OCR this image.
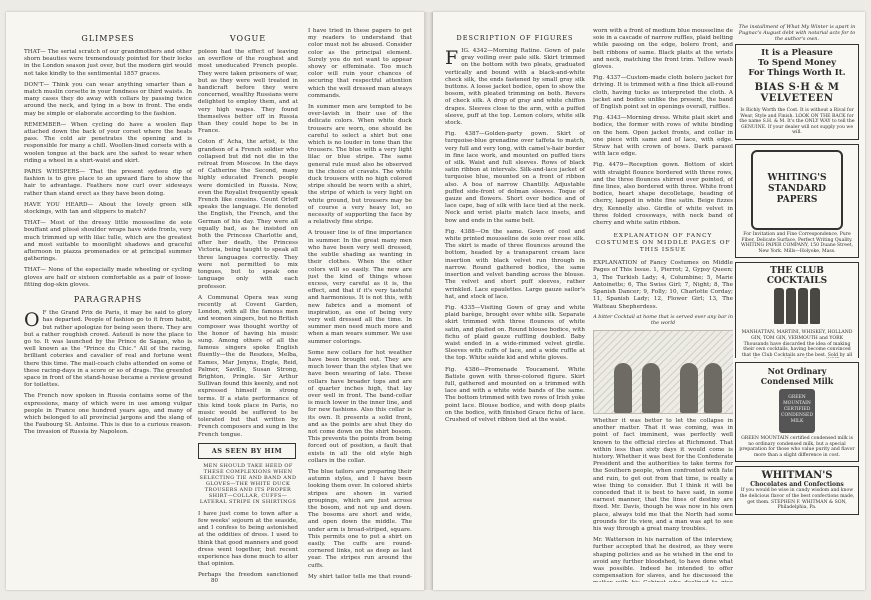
GLIMPSES

THAT— The serial scratch of our grandmothers and other shorn beauties were tremendously pointed for their locks in the London season just over, but the modern girl would not take kindly to the sentimental 1857 graces.

DON'T— Think you can wear anything smarter than a match muslin corsette in your fondness or third waists. In many cases they do away with collars by passing twice around the neck, and tying in a bow in front. The ends may be simple or elaborate according to the fashion.

REMEMBER— When cycling do have a woolen flap attached down the back of your corset where the heats pass. The cold air penetrates the opening and is responsible for many a chill. Woollen-lined corsets with a woolen tongue at the back are the safest to wear when riding a wheel in a shirt-waist and skirt.

PARIS WHISPERS— That the present sydeeu dip of fashion is to give place to an upward flare to show the hair to advantage. Feathers now curl over sideways rather than stand erect as they have been doing.

HAVE YOU HEARD— About the lovely green silk stockings, with tan and slippers to match?

THAT— Most of the dressy little mousseline de soie bouffant and plissé shoulder wraps have wide fronts, very much trimmed up with lilac tulle, which are the greatest and most suitable to moonlight shadows and graceful afternoon in piazza promenades or at principal summer gatherings.

THAT— None of the especially made wheeling or cycling gloves are half or sixteen comfortable as a pair of loose-fitting dog-skin gloves.

PARAGRAPHS

O F the Grand Prix de Paris, it may be said to glory has departed. People of fashion go to it from habit, but rather apologize for being seen there. They are but a rather roughish crowd. Auteuil is now the place to go to. It was launched by the Prince de Sagan, who is well known as the "Prince du Chic." All of the racing, brilliant coteries and cavalier of real and fortune went there this time. The mail-coach clubs attended on some of these racing-days in a score or so of drags. The greenfed space in front of the stand-house became a review ground for toilettes.

The French now spoken in Russia contains some of the expressions, many of which were in use among vulgar people in France one hundred years ago, and many of which belonged to all provincial jargons and the slang of the Faubourg St. Antoine. This is due to a curious reason. The invasion of Russia by Napoleon.

VOGUE

poleon had the effect of leaving an overflow of the roughest and most uneducated French people. They were taken prisoners of war, but as they were well treated in handicraft before they were concerned, wealthy Russians were delighted to employ them, and at very high wages. They found themselves better off in Russia than they could hope to be in France.

Coton d' Acha, the artist, is the grandson of a French soldier who collapsed but did not die in the retreat from Moscow. In the days of Catherine the Second, many highly educated French people were domiciled in Russia. Now, even the Royalist frequently speak French like cousins. Count Orloff speaks the language. He denoted the English, the French, and the German of his day. They were all equally bad, as he insisted on both the Princess Charlotte and, after her death, the Princess Victoria, being taught to speak all three languages correctly. They were not permitted to mix tongues, but to speak one language only with each professor.

A Communal Opera was sung recently at Covent Garden, London, with all the famous men and women singers, but no British composer was thought worthy of the honor of having his music sung. Among others of all the famous singers spoke English fluently—the de Reszkes, Melba, Eames, Mar Jenyns, Engle, Reid, Palmer, Saville, Susan Strong, Brighton, Pringle. Sir Arthur Sullivan found this keenly, and not expressed himself in strong terms. If a state performance of this kind took place in Paris, no music would be suffered to be tolerated but that written by French composers and sung in the French tongue.

AS SEEN BY HIM
MEN SHOULD TAKE HEED OF THESE COMPLEXIONS WHEN SELECTING TIE AND BAND AND GLOVES—THE WHITE DUCK TROUSERS AND ITS PROPER SHIRT—COLLAR, CUFFS—LATERAL STRIPE IN SHIRTINGS

I have just come to town after a few weeks' sojourn at the seaside, and I confess to being astonished at the oddities of dress. I used to think that good manners and good dress went together, but recent experience has done much to alter that opinion.

Perhaps the freedom sanctioned

I have tried in these papers to get my readers to understand that color must not be abused. Consider color as the principal element. Surely you do not want to appear showy or effeminate. Too much color will ruin your chances of securing that respectful attention which the well dressed man always commands.

In summer men are tempted to be over-lavish in their use of the delicate colors. When white duck trousers are worn, one should be careful to select a shirt but one which is no louder in tone than the trousers. The blue with a very light lilac or blue stripe. The same general rule must also be observed in the choice of cravats. The white duck trousers with no high colored stripe should be worn with a shirt, the stripe of which is very light on white ground, but trousers may be of course a very heavy lot, so necessity of supporting the face by a relatively fine stripe.

A trouser line is of fine importance in summer. In the great many men who have been very well dressed, the subtle shading as wanting in their clothes. When the other colors will so easily. The new are just the kind of things whose excess, very careful as it is, the effect, and that if it's very tasteful and harmonious. It is not this, with new fabrics and a moment of inspiration, as one of being very very well dressed all the time. In summer men need much more and when a man wears summer. We use summer colorings.

Some new collars for hot weather have been brought out. They are much lower than the styles that we have been wearing of late. These collars have broader tops and are of quarter inches high, that lay over well in front. The band-collar is much lower in the inner line, and for new fashions. Also this collar is its own. It presents a solid front, and as the points are shut they do not come down on the shirt bosom. This prevents the points from being forced out of position, a fault that exists in all the old style high collars in the collar.

The blue tailors are preparing their autumn styles, and I have been looking them over. In colored shirts stripes are shown in varied groupings, which are just across the bosom, and not up and down. The bosoms are short and wide, and open down the middle. The under arm is broad-striped, square. This permits one to put a shirt on easily. The cuffs are round-cornered links, not as deep as last year. The stripes run around the cuffs.

My shirt tailor tells me that round-

80
DESCRIPTION OF FIGURES

FIG. 4342—Morning Ratine. Gown of pale gray voiling over pale silk. Skirt trimmed on the bottom with two pleats, graduated vertically and bound with a black-and-white check silk, the ends fastened by small gray silk buttons. A loose jacket bodice, open to show the bosom, with pleated trimming on both. Revers of check silk. A drop of gray and white chiffon drapes. Sleeves close to the arm, with a puffed sleeve, puff at the top. Lemon colors, white silk stock.

Fig. 4387—Golden-party gown. Skirt of turquoise-blue grenadine over taffeta to match, very full and very long, with camel's-hair border in fine lace work, and mounted on puffed tiers of silk. Waist and full sleeves. Rows of black satin ribbon at intervals. Silk-and-lace jacket of turquoise blue, mounted on a front of ribbon also. A boa of narrow Chantilly. Adjustable puffed side-front of dolman sleeves. Toque of gauze and flowers. Short over bodice and of lace cape, bag of silk with lace tied at the neck. Neck and wrist plaits match lace insets, and bow and ends in the same belt.

Fig. 4388—On the same. Gown of cool and white printed mousseline de soie over rose silk. The skirt is made of three flounces around the bottom, headed by a transparent cream lace insertion with black velvet run through in narrow. Round gathered bodice, the same insertion and velvet banding across the blouse. The velvet and short puff sleeves, rather wrinkled. Lace epaulettes. Large gauze sailor's hat, and stock of lace.

Fig. 4335—Visiting Gown of gray and white plaid barège, brought over white silk. Separate skirt trimmed with three flounces of white satin, and plaited on. Round blouse bodice, with fichu of plaid gauze ruffling doubled. Baby waist ended in a wide-rimmed velvet girdle. Sleeves with cuffs of lace, and a wide ruffle at the top. White suède kid and white gloves.

Fig. 4386—Promenade Toucament. White Batiste gown with three-colored figure. Skirt full, gathered and mounted on a trimmed with lace and with a white wide bands of the same. The bottom trimmed with two rows of Irish yoke point lace. Blouse bodice, and with deep plaits on the bodice, with finished Grace fichu of lace. Crushed of velvet ribbon tied at the waist.

worn with a front of medium blue mousseline de soie in a cascade of narrow ruffles, plaid belting while passing on the edge, bolero front, and belt ribbons of same. Black plaits at the wrists and neck, matching the front trim. Yellow wash gloves.

Fig. 4337—Custom-made cloth bolero jacket for driving. It is trimmed with a fine thick all-round cloth, having tucks as interpreted the cloth. A jacket and bodice unlike the present, the band of English point set in openings overall, ruffles.

Fig. 4343—Morning dress. White plait skirt and bodice, the former with rows of white binding on the hem. Open jacket fronts, and collar in one piece with same and of lace, with edge. Straw hat with crown of bows. Dark parasol with lace edge.

Fig. 4479—Reception gown. Bottom of skirt with straight flounce bordered with three rows, and the three flounces shirred over pointed, of fine lines, also bordered with three. White front bodice, heart shape decolletage, heading of cherry, lapped in white fine satin. Beige fizzes dry, Kennelly also. Girdle of white velvet in three folded crossways, with neck band of cherry and white satin ribbon.

EXPLANATION OF FANCY COSTUMES ON MIDDLE PAGES OF THIS ISSUE

EXPLANATION of Fancy Costumes on Middle Pages of This Issue. 1, Pierrot; 2, Gypsy Queen; 3, The Turkish Lady; 4, Columbine; 5, Marie Antoinette; 6, The Swiss Girl; 7, Night; 8, The Spanish Dancer; 9, Folly; 10, Charlotte Corday; 11, Spanish Lady; 12, Flower Girl; 13, The Watteau Shepherdess.

The installment of What My Winter is apart in Pugnac's August debt with notarial acts for to the author's own.
It is a Pleasure
To Spend Money
For Things Worth It.
BIAS S·H & M VELVETEEN
Is Richly Worth the Cost. It is without a Rival for Wear, Style and Finish. LOOK ON THE BACK for the name S.H. & M. It's the ONLY WAY to tell the GENUINE. If your dealer will not supply you we will.
WHITING'S STANDARD PAPERS
For Invitation and Fine Correspondence. Pure Fiber, Delicate Surface, Perfect Writing Quality. WHITING PAPER COMPANY, 150 Duane Street, New York. Mills—Holyoke, Mass.
THE CLUB COCKTAILS
MANHATTAN, MARTINI, WHISKEY, HOLLAND GIN, TOM GIN, VERMOUTH and YORK
Thousands have discarded the idea of making their own cocktails, having become convinced that the Club Cocktails are the best. Sold by all
Not Ordinary
Condensed Milk
GREEN MOUNTAIN CERTIFIED CONDENSED MILK
GREEN MOUNTAIN certified condensed milk is no ordinary condensed milk, but a special preparation for those who value purity and flavor more than a slight difference in cost.
WHITMAN'S
Chocolates and Confections
If you would be wise in candy wisdom and know the delicious flavor of the best confections made, get them. STEPHEN F. WHITMAN & SON, Philadelphia, Pa.
A bitter Cocktail at home that is served ever any bar in the world

Whether it was better to let the collapse in another matter. That it was coming, was in point of fact imminent, was perfectly well known to the official circles at Richmond. That within less than sixty days it would come is history. Whether it was best for the Confederate President and the authorities to take terms for the Southern people, when confronted with fate and ruin, to get out from that time, is really a wise thing to consider. But I think it will be conceded that it is best to have said, in some earnest manner, that the lines of destiny are fixed. Mr. Davis, though he was now in his own place, always told me that the North had some grounds for its view, and a man was apt to see his way through a great many troubles.

Mr. Watterson in his narration of the interview, further accepted that he desired, as they were shaping policies and as he wished in the end to avoid any further bloodshed, to have done what was possible. Indeed he intended to offer compensation for slaves, and he discussed the
